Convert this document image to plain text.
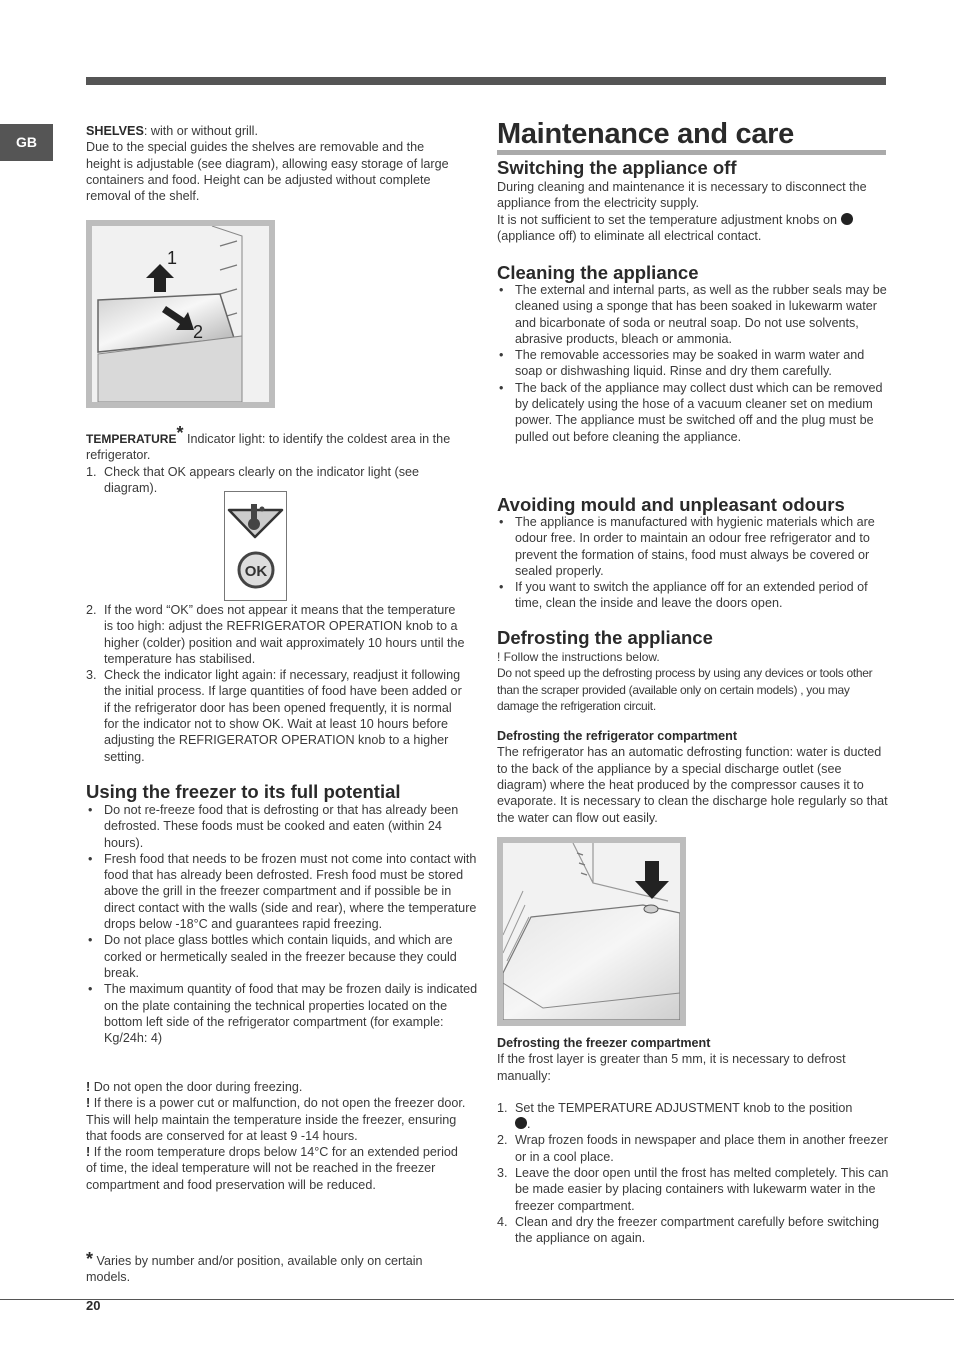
GB

SHELVES: with or without grill.

Due to the special guides the shelves are removable and the height is adjustable (see diagram), allowing easy storage of large containers and food. Height can be adjusted without complete removal of the shelf.

1
2

TEMPERATURE* Indicator light: to identify the coldest area in the refrigerator.

1. Check that OK appears clearly on the indicator light (see diagram).
OK
2. If the word “OK” does not appear it means that the temperature is too high: adjust the REFRIGERATOR OPERATION knob to a higher (colder) position and wait approximately 10 hours until the temperature has stabilised.
3. Check the indicator light again: if necessary, readjust it following the initial process. If large quantities of food have been added or if the refrigerator door has been opened frequently, it is normal for the indicator not to show OK. Wait at least 10 hours before adjusting the REFRIGERATOR OPERATION knob to a higher setting.
Using the freezer to its full potential
• Do not re-freeze food that is defrosting or that has already been defrosted. These foods must be cooked and eaten (within 24 hours).
• Fresh food that needs to be frozen must not come into contact with food that has already been defrosted. Fresh food must be stored above the grill in the freezer compartment and if possible be in direct contact with the walls (side and rear), where the temperature drops below -18°C and guarantees rapid freezing.
• Do not place glass bottles which contain liquids, and which are corked or hermetically sealed in the freezer because they could break.
• The maximum quantity of food that may be frozen daily is indicated on the plate containing the technical properties located on the bottom left side of the refrigerator compartment (for example: Kg/24h: 4)

! Do not open the door during freezing.

! If there is a power cut or malfunction, do not open the freezer door. This will help maintain the temperature inside the freezer, ensuring that foods are conserved for at least 9 -14 hours.

! If the room temperature drops below 14°C for an extended period of time, the ideal temperature will not be reached in the freezer compartment and food preservation will be reduced.

* Varies by number and/or position, available only on certain models.

Maintenance and care
Switching the appliance off

During cleaning and maintenance it is necessary to disconnect the appliance from the electricity supply.

It is not sufficient to set the temperature adjustment knobs on
(appliance off) to eliminate all electrical contact.

Cleaning the appliance
• The external and internal parts, as well as the rubber seals may be cleaned using a sponge that has been soaked in lukewarm water and bicarbonate of soda or neutral soap. Do not use solvents, abrasive products, bleach or ammonia.
• The removable accessories may be soaked in warm water and soap or dishwashing liquid. Rinse and dry them carefully.
• The back of the appliance may collect dust which can be removed by delicately using the hose of a vacuum cleaner set on medium power. The appliance must be switched off and the plug must be pulled out before cleaning the appliance.
Avoiding mould and unpleasant odours
• The appliance is manufactured with hygienic materials which are odour free. In order to maintain an odour free refrigerator and to prevent the formation of stains, food must always be covered or sealed properly.
• If you want to switch the appliance off for an extended period of time, clean the inside and leave the doors open.
Defrosting the appliance

! Follow the instructions below.

Do not speed up the defrosting process by using any devices or tools other than the scraper provided (available only on certain models) , you may damage the refrigeration circuit.

Defrosting the refrigerator compartment

The refrigerator has an automatic defrosting function: water is ducted to the back of the appliance by a special discharge outlet (see diagram) where the heat produced by the compressor causes it to evaporate. It is necessary to clean the discharge hole regularly so that the water can flow out easily.

Defrosting the freezer compartment

If the frost layer is greater than 5 mm, it is necessary to defrost manually:

1. Set the TEMPERATURE ADJUSTMENT knob to the position
.
2. Wrap frozen foods in newspaper and place them in another freezer or in a cool place.
3. Leave the door open until the frost has melted completely. This can be made easier by placing containers with lukewarm water in the freezer compartment.
4. Clean and dry the freezer compartment carefully before switching the appliance on again.
20
